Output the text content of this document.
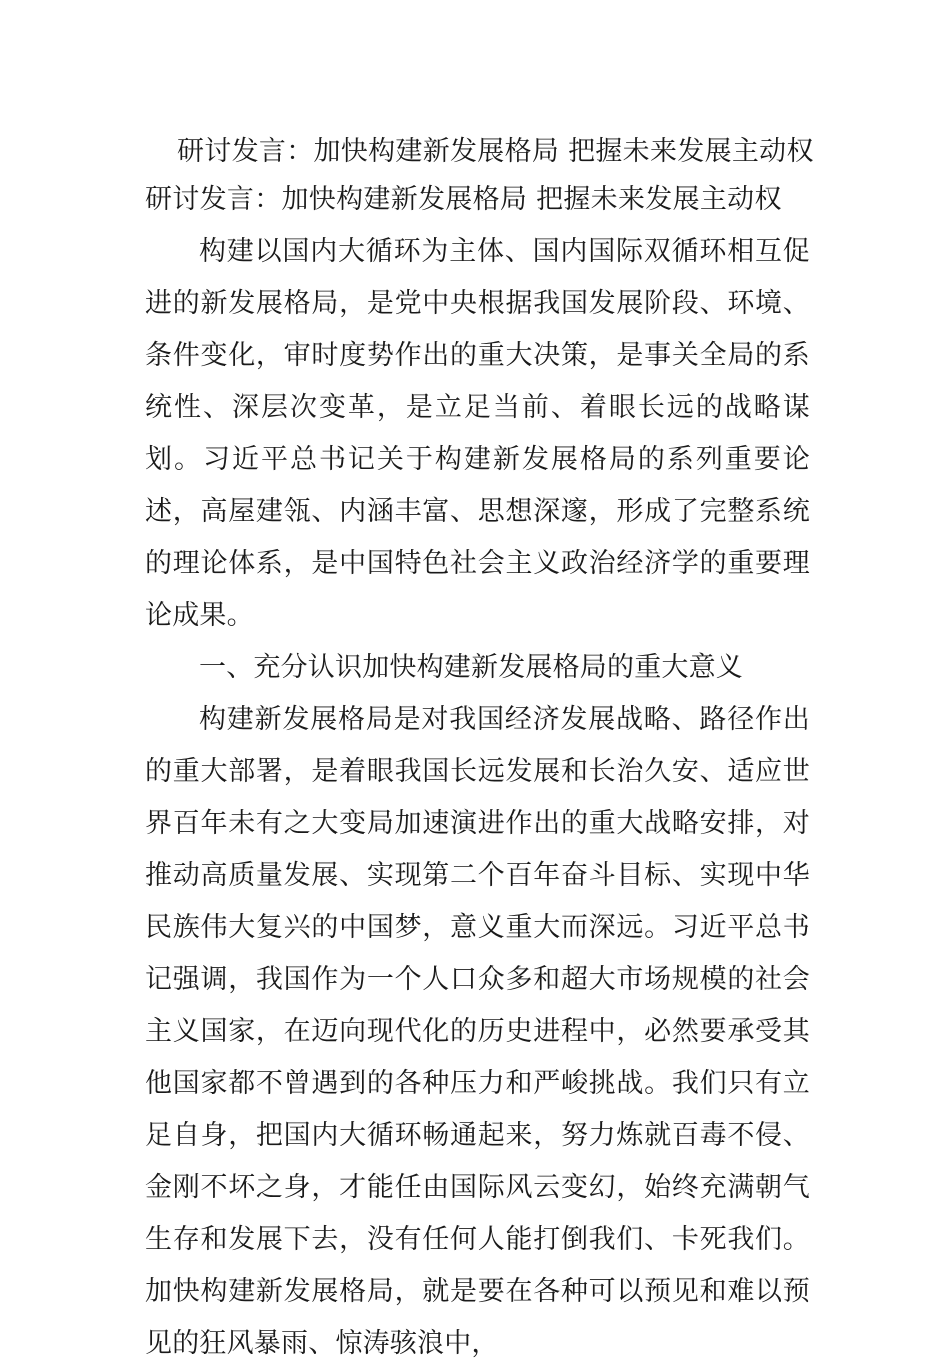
研讨发言：加快构建新发展格局 把握未来发展主动权
研讨发言：加快构建新发展格局 把握未来发展主动权

构建以国内大循环为主体、国内国际双循环相互促进的新发展格局，是党中央根据我国发展阶段、环境、条件变化，审时度势作出的重大决策，是事关全局的系统性、深层次变革，是立足当前、着眼长远的战略谋划。习近平总书记关于构建新发展格局的系列重要论述，高屋建瓴、内涵丰富、思想深邃，形成了完整系统的理论体系，是中国特色社会主义政治经济学的重要理论成果。

一、充分认识加快构建新发展格局的重大意义

构建新发展格局是对我国经济发展战略、路径作出的重大部署，是着眼我国长远发展和长治久安、适应世界百年未有之大变局加速演进作出的重大战略安排，对推动高质量发展、实现第二个百年奋斗目标、实现中华民族伟大复兴的中国梦，意义重大而深远。习近平总书记强调，我国作为一个人口众多和超大市场规模的社会主义国家，在迈向现代化的历史进程中，必然要承受其他国家都不曾遇到的各种压力和严峻挑战。我们只有立足自身，把国内大循环畅通起来，努力炼就百毒不侵、金刚不坏之身，才能任由国际风云变幻，始终充满朝气生存和发展下去，没有任何人能打倒我们、卡死我们。加快构建新发展格局，就是要在各种可以预见和难以预见的狂风暴雨、惊涛骇浪中，
